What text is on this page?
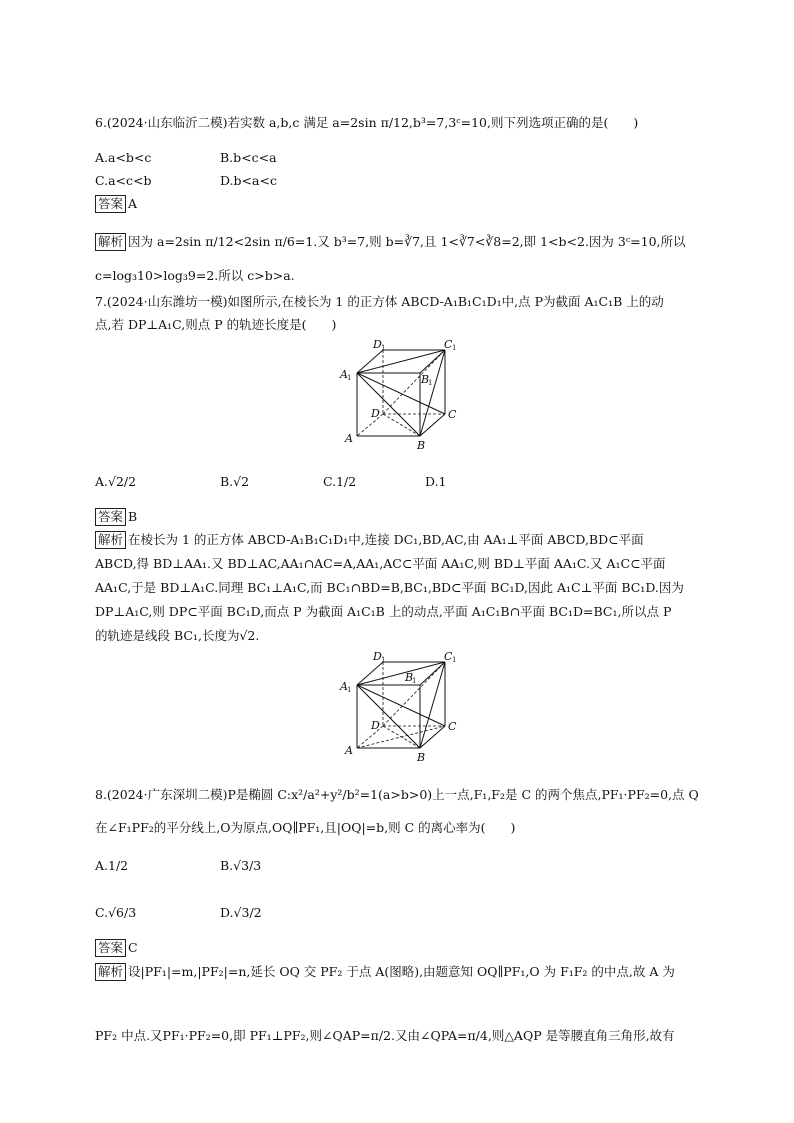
6.(2024·山东临沂二模)若实数 a,b,c 满足 a=2sin π/12,b³=7,3ᶜ=10,则下列选项正确的是(　　)
A.a<b<c	B.b<c<a
C.a<c<b	D.b<a<c
答案 A
解析 因为 a=2sin π/12<2sin π/6=1.又 b³=7,则 b=∛7,且 1<∛7<∛8=2,即 1<b<2.因为 3ᶜ=10,所以
c=log₃10>log₃9=2.所以 c>b>a.
7.(2024·山东潍坊一模)如图所示,在棱长为 1 的正方体 ABCD-A₁B₁C₁D₁中,点 P为截面 A₁C₁B 上的动
点,若 DP⊥A₁C,则点 P 的轨迹长度是(　　)
D 1	C 1
A 1	B
1
D	C
A
B
A.√2/2	B.√2	C.1/2	D.1
答案 B
解析 在棱长为 1 的正方体 ABCD-A₁B₁C₁D₁中,连接 DC₁,BD,AC,由 AA₁⊥平面 ABCD,BD⊂平面
ABCD,得 BD⊥AA₁.又 BD⊥AC,AA₁∩AC=A,AA₁,AC⊂平面 AA₁C,则 BD⊥平面 AA₁C.又 A₁C⊂平面
AA₁C,于是 BD⊥A₁C.同理 BC₁⊥A₁C,而 BC₁∩BD=B,BC₁,BD⊂平面 BC₁D,因此 A₁C⊥平面 BC₁D.因为
DP⊥A₁C,则 DP⊂平面 BC₁D,而点 P 为截面 A₁C₁B 上的动点,平面 A₁C₁B∩平面 BC₁D=BC₁,所以点 P
的轨迹是线段 BC₁,长度为√2.
D 1	C 1
A 1
B
1
D	C
A
B
8.(2024·广东深圳二模)P是椭圆 C:x²/a²+y²/b²=1(a>b>0)上一点,F₁,F₂是 C 的两个焦点,PF₁·PF₂=0,点 Q
在∠F₁PF₂的平分线上,O为原点,OQ∥PF₁,且|OQ|=b,则 C 的离心率为(　　)
A.1/2	B.√3/3
C.√6/3	D.√3/2
答案 C
解析 设|PF₁|=m,|PF₂|=n,延长 OQ 交 PF₂ 于点 A(图略),由题意知 OQ∥PF₁,O 为 F₁F₂ 的中点,故 A 为
PF₂ 中点.又PF₁·PF₂=0,即 PF₁⊥PF₂,则∠QAP=π/2.又由∠QPA=π/4,则△AQP 是等腰直角三角形,故有
